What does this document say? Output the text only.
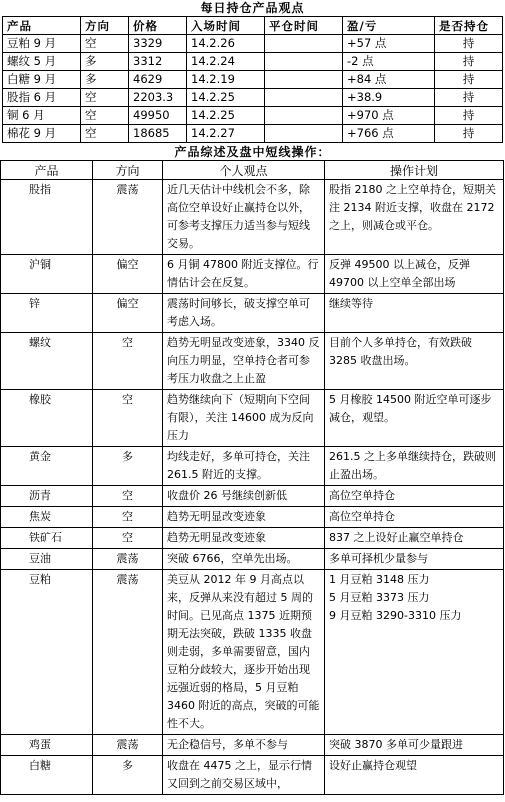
每日持仓产品观点
产品	方向	价格	入场时间	平仓时间	盈/亏	是否持仓
豆粕 9 月	空	3329	14.2.26		+57 点	持
螺纹 5 月	多	3312	14.2.24		-2 点	持
白糖 9 月	多	4629	14.2.19		+84 点	持
股指 6 月	空	2203.3	14.2.25		+38.9	持
铜 6 月	空	49950	14.2.25		+970 点	持
棉花 9 月	空	18685	14.2.27		+766 点	持
产品综述及盘中短线操作：
产品	方向	个人观点	操作计划
股指	震荡	近几天估计中线机会不多，除高位空单设好止赢持仓以外，可参考支撑压力适当参与短线交易。	股指 2180 之上空单持仓，短期关注 2134 附近支撑，收盘在 2172 之上，则减仓或平仓。
沪铜	偏空	6 月铜 47800 附近支撑位。行情估计会在反复。	反弹 49500 以上减仓，反弹 49700 以上空单全部出场
锌	偏空	震荡时间够长，破支撑空单可考虑入场。	继续等待
螺纹	空	趋势无明显改变迹象，3340 反向压力明显，空单持仓者可参考压力收盘之上止盈	目前个人多单持仓，有效跌破 3285 收盘出场。
橡胶	空	趋势继续向下（短期向下空间有限），关注 14600 成为反向压力	5 月橡胶 14500 附近空单可逐步减仓，观望。
黄金	多	均线走好，多单可持仓，关注 261.5 附近的支撑。	261.5 之上多单继续持仓，跌破则止盈出场。
沥青	空	收盘价 26 号继续创新低	高位空单持仓
焦炭	空	趋势无明显改变迹象	高位空单持仓
铁矿石	空	趋势无明显改变迹象	837 之上设好止赢空单持仓
豆油	震荡	突破 6766，空单先出场。	多单可择机少量参与
豆粕	震荡	美豆从 2012 年 9 月高点以来，反弹从来没有超过 5 周的时间。已见高点 1375 近期预期无法突破，跌破 1335 收盘则走弱，多单需要留意，国内豆粕分歧较大，逐步开始出现远强近弱的格局，5 月豆粕 3460 附近的高点，突破的可能性不大。	1 月豆粕 3148 压力
5 月豆粕 3373 压力
9 月豆粕 3290-3310 压力
鸡蛋	震荡	无企稳信号，多单不参与	突破 3870 多单可少量跟进
白糖	多	收盘在 4475 之上，显示行情又回到之前交易区域中，	设好止赢持仓观望
